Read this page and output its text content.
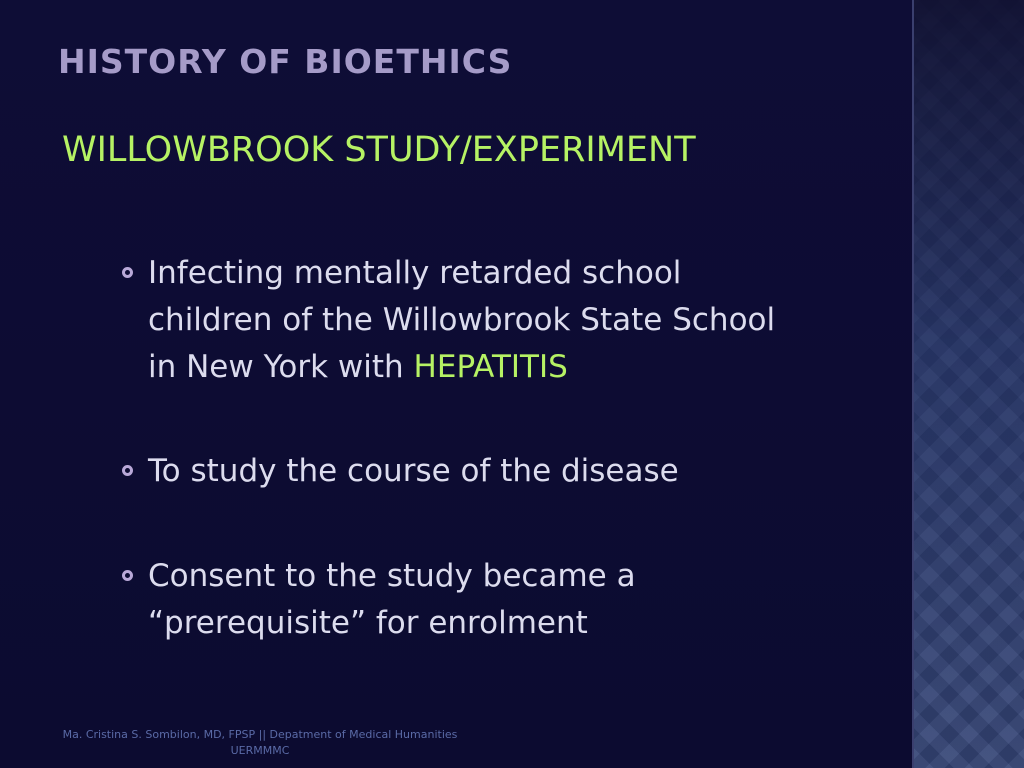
HISTORY OF BIOETHICS
WILLOWBROOK STUDY/EXPERIMENT
Infecting mentally retarded school children of the Willowbrook State School in New York with HEPATITIS
To study the course of the disease
Consent to the study became a “prerequisite” for enrolment
Ma. Cristina S. Sombilon, MD, FPSP || Depatment of Medical Humanities UERMMMC
